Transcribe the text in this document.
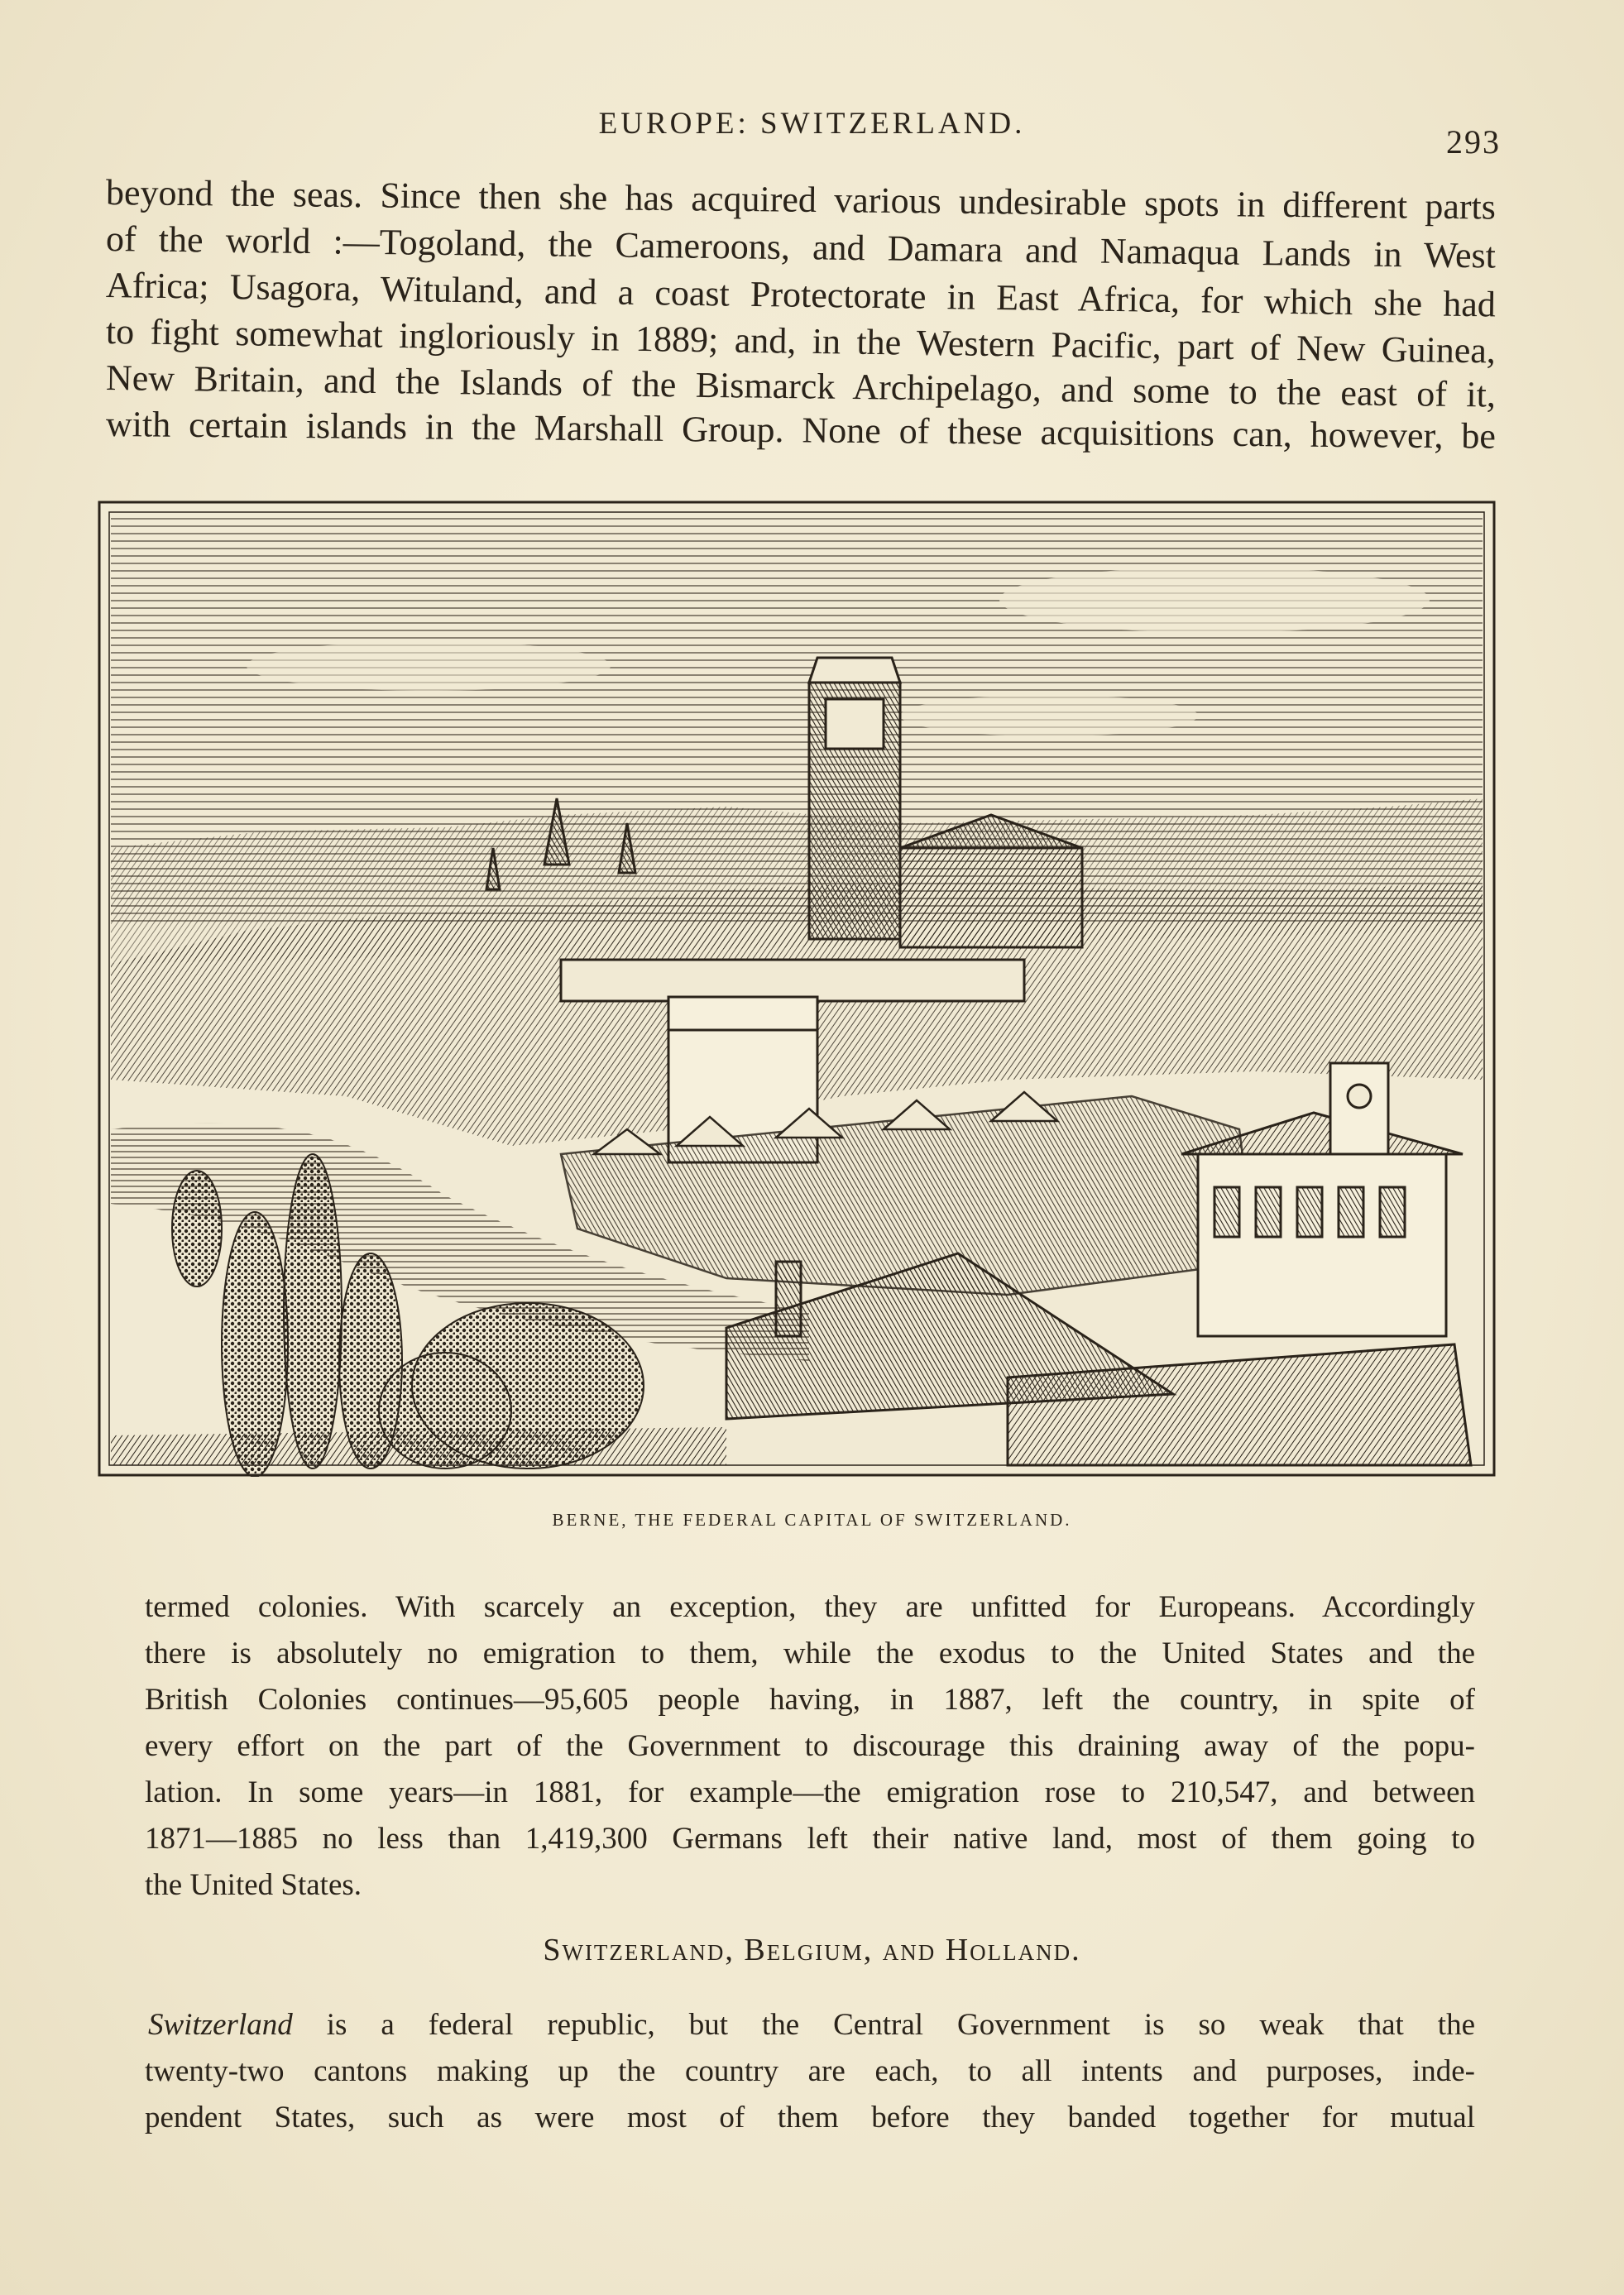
EUROPE: SWITZERLAND.	293

beyond the seas. Since then she has acquired various undesirable spots in different parts
of the world :—Togoland, the Cameroons, and Damara and Namaqua Lands in West
Africa; Usagora, Wituland, and a coast Protectorate in East Africa, for which she had
to fight somewhat ingloriously in 1889; and, in the Western Pacific, part of New Guinea,
New Britain, and the Islands of the Bismarck Archipelago, and some to the east of it,
with certain islands in the Marshall Group. None of these acquisitions can, however, be

BERNE, THE FEDERAL CAPITAL OF SWITZERLAND.

termed colonies. With scarcely an exception, they are unfitted for Europeans. Accordingly
there is absolutely no emigration to them, while the exodus to the United States and the
British Colonies continues—95,605 people having, in 1887, left the country, in spite of
every effort on the part of the Government to discourage this draining away of the popu-
lation. In some years—in 1881, for example—the emigration rose to 210,547, and between
1871—1885 no less than 1,419,300 Germans left their native land, most of them going to
the United States.

Switzerland, Belgium, and Holland.

Switzerland is a federal republic, but the Central Government is so weak that the
twenty-two cantons making up the country are each, to all intents and purposes, inde-
pendent States, such as were most of them before they banded together for mutual
